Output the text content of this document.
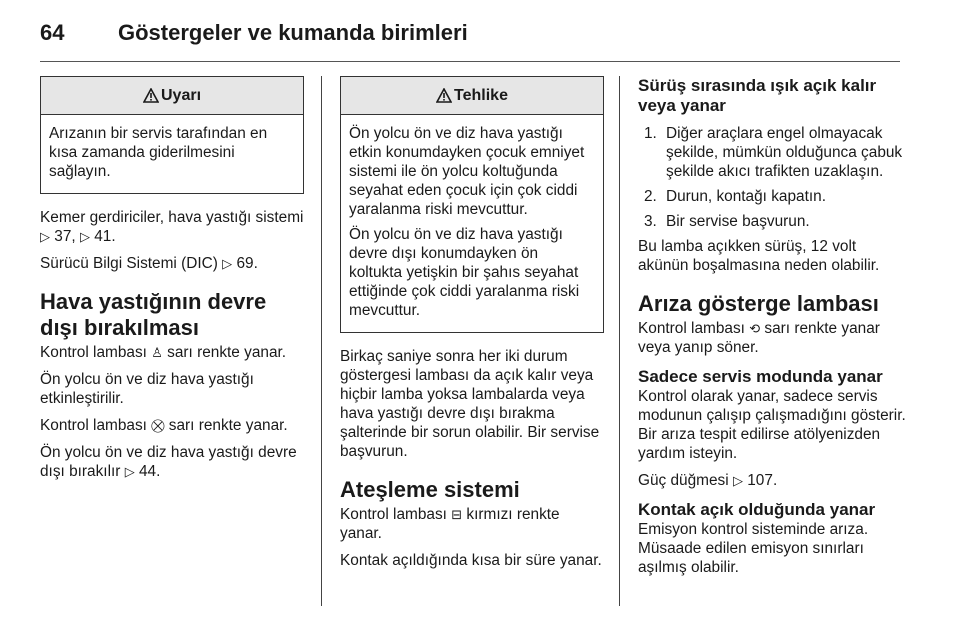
64 Göstergeler ve kumanda birimleri
Uyarı

Arızanın bir servis tarafından en kısa zamanda giderilmesini sağlayın.

Kemer gerdiriciler, hava yastığı sistemi ▷ 37, ▷ 41.

Sürücü Bilgi Sistemi (DIC) ▷ 69.

Hava yastığının devre dışı bırakılması

Kontrol lambası ♙ sarı renkte yanar.

Ön yolcu ön ve diz hava yastığı etkinleştirilir.

Kontrol lambası ⛒ sarı renkte yanar.

Ön yolcu ön ve diz hava yastığı devre dışı bırakılır ▷ 44.

Tehlike

Ön yolcu ön ve diz hava yastığı etkin konumdayken çocuk emniyet sistemi ile ön yolcu koltuğunda seyahat eden çocuk için çok ciddi yaralanma riski mevcuttur.

Ön yolcu ön ve diz hava yastığı devre dışı konumdayken ön koltukta yetişkin bir şahıs seyahat ettiğinde çok ciddi yaralanma riski mevcuttur.

Birkaç saniye sonra her iki durum göstergesi lambası da açık kalır veya hiçbir lamba yoksa lambalarda veya hava yastığı devre dışı bırakma şalterinde bir sorun olabilir. Bir servise başvurun.

Ateşleme sistemi

Kontrol lambası ⊟ kırmızı renkte yanar.

Kontak açıldığında kısa bir süre yanar.

Sürüş sırasında ışık açık kalır veya yanar
1. Diğer araçlara engel olmayacak şekilde, mümkün olduğunca çabuk şekilde akıcı trafikten uzaklaşın.
2. Durun, kontağı kapatın.
3. Bir servise başvurun.

Bu lamba açıkken sürüş, 12 volt akünün boşalmasına neden olabilir.

Arıza gösterge lambası

Kontrol lambası ⟲ sarı renkte yanar veya yanıp söner.

Sadece servis modunda yanar

Kontrol olarak yanar, sadece servis modunun çalışıp çalışmadığını gösterir. Bir arıza tespit edilirse atölyenizden yardım isteyin.

Güç düğmesi ▷ 107.

Kontak açık olduğunda yanar

Emisyon kontrol sisteminde arıza. Müsaade edilen emisyon sınırları aşılmış olabilir.
